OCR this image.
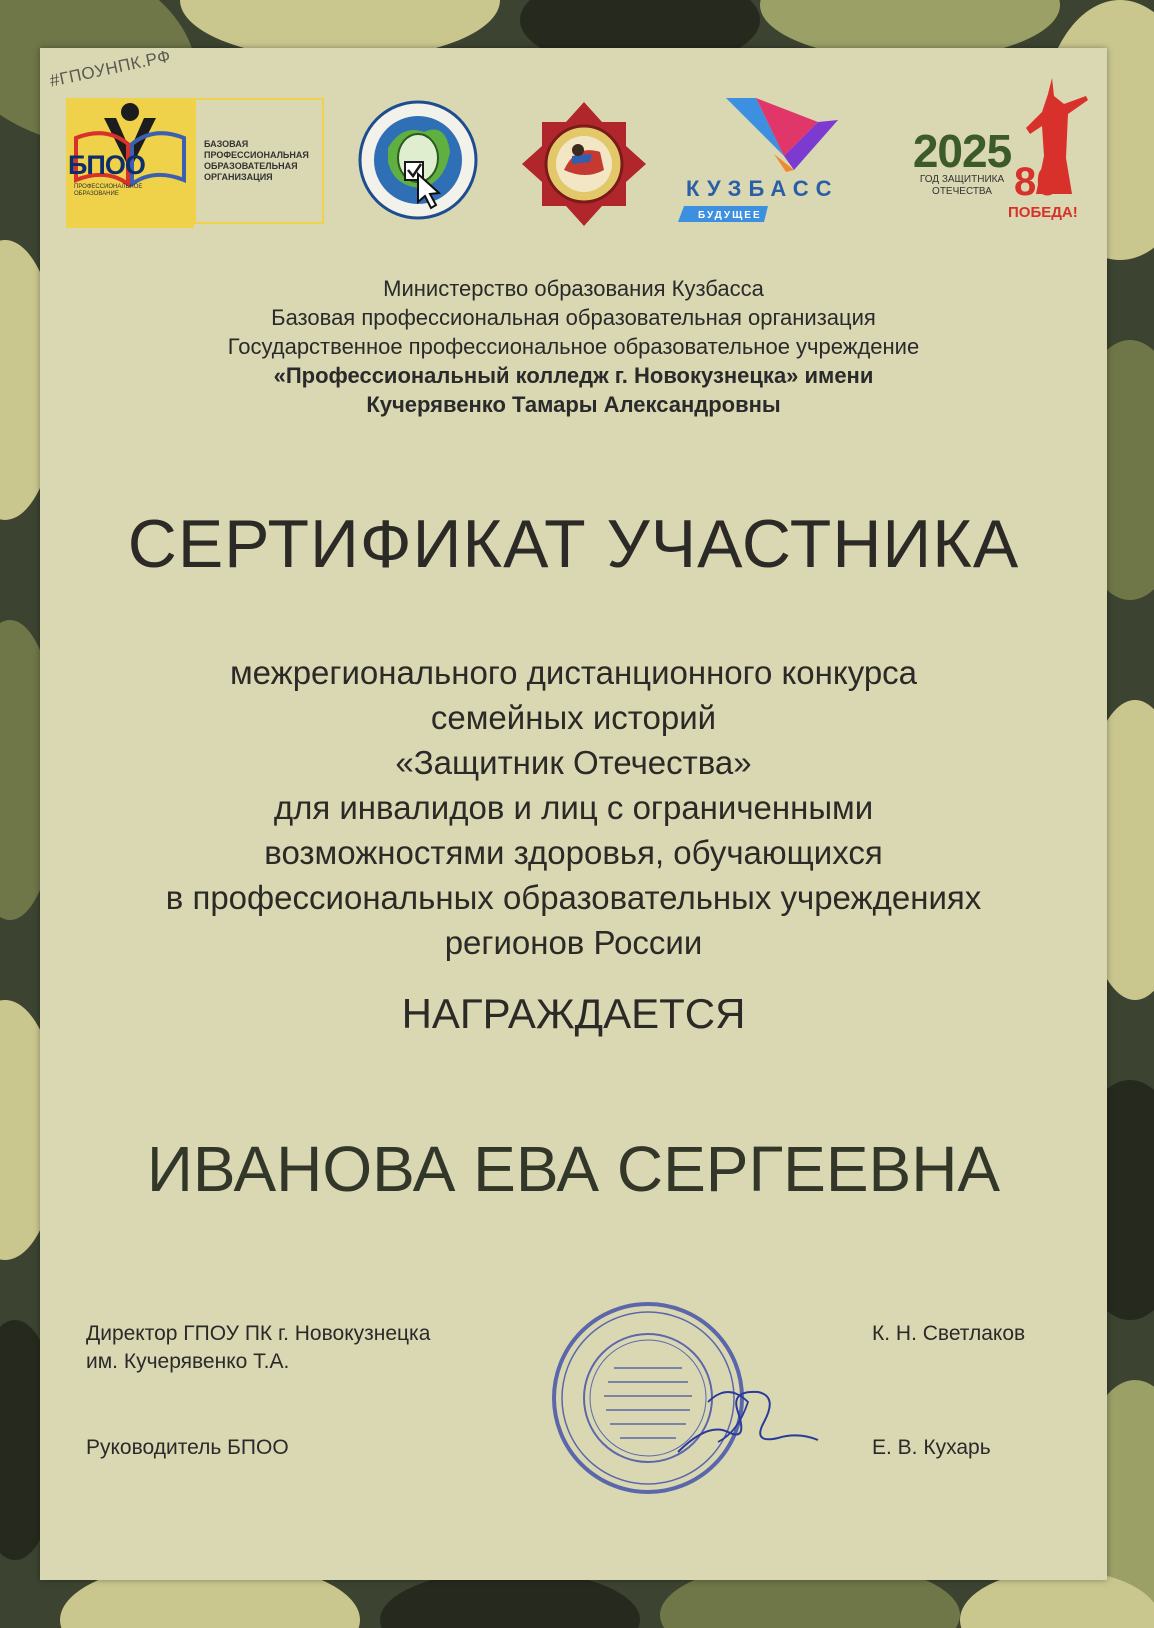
#ГПОУНПК.РФ
БПОО
ПРОФЕССИОНАЛЬНОЕ ОБРАЗОВАНИЕ
БАЗОВАЯ ПРОФЕССИОНАЛЬНАЯ ОБРАЗОВАТЕЛЬНАЯ ОРГАНИЗАЦИЯ	КУЗБАСС
БУДУЩЕЕ
2025
ГОД ЗАЩИТНИКА
ОТЕЧЕСТВА 80
ПОБЕДА!
Министерство образования Кузбасса
Базовая профессиональная образовательная организация
Государственное профессиональное образовательное учреждение
«Профессиональный колледж г. Новокузнецка» имени
Кучерявенко Тамары Александровны
СЕРТИФИКАТ УЧАСТНИКА
межрегионального дистанционного конкурса
семейных историй
«Защитник Отечества»
для инвалидов и лиц с ограниченными
возможностями здоровья, обучающихся
в профессиональных образовательных учреждениях
регионов России
НАГРАЖДАЕТСЯ
ИВАНОВА ЕВА СЕРГЕЕВНА
Директор ГПОУ ПК г. Новокузнецка
им. Кучерявенко Т.А.
К. Н. Светлаков
Руководитель БПОО	Е. В. Кухарь
